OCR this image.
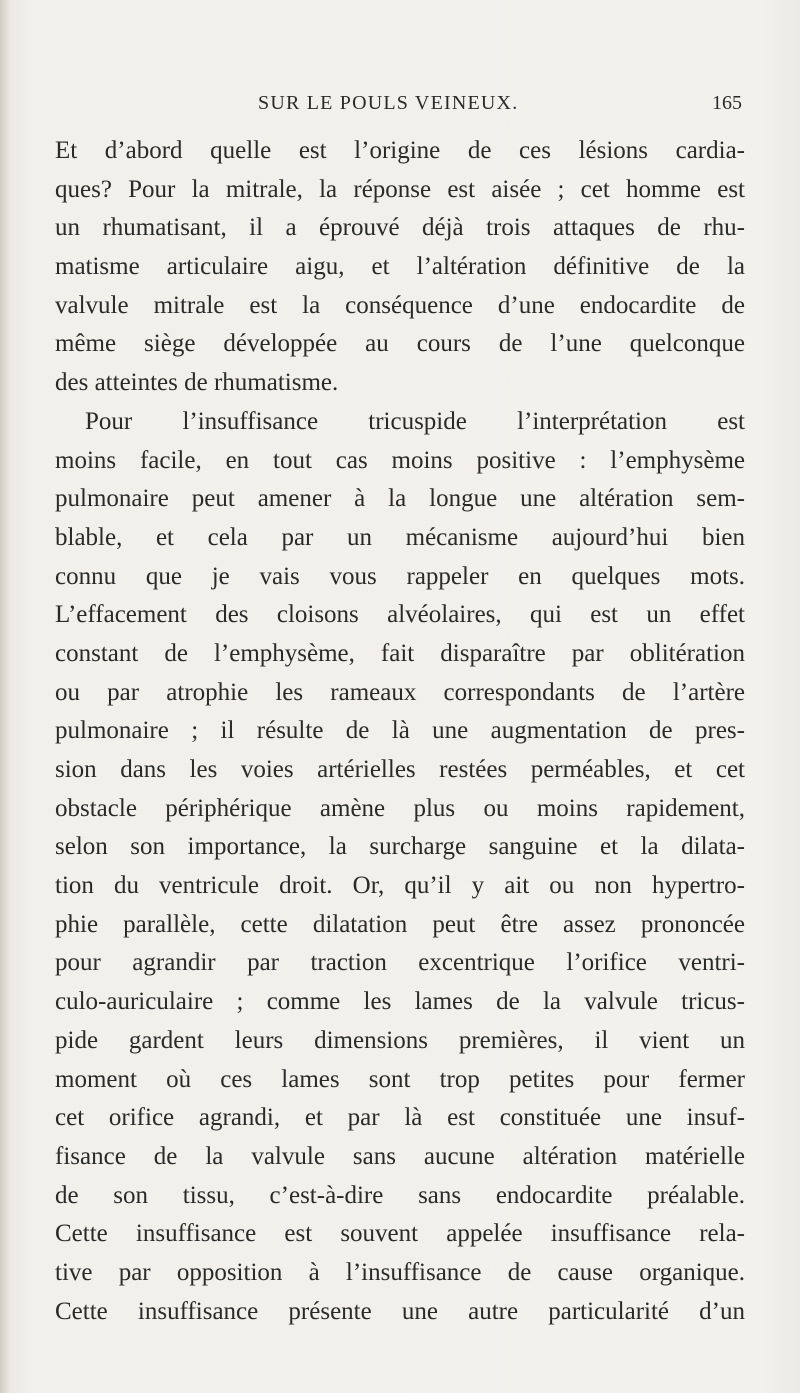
SUR LE POULS VEINEUX.	165
Et d’abord quelle est l’origine de ces lésions cardia-
ques? Pour la mitrale, la réponse est aisée ; cet homme est
un rhumatisant, il a éprouvé déjà trois attaques de rhu-
matisme articulaire aigu, et l’altération définitive de la
valvule mitrale est la conséquence d’une endocardite de
même siège développée au cours de l’une quelconque
des atteintes de rhumatisme.
Pour l’insuffisance tricuspide l’interprétation est
moins facile, en tout cas moins positive : l’emphysème
pulmonaire peut amener à la longue une altération sem-
blable, et cela par un mécanisme aujourd’hui bien
connu que je vais vous rappeler en quelques mots.
L’effacement des cloisons alvéolaires, qui est un effet
constant de l’emphysème, fait disparaître par oblitération
ou par atrophie les rameaux correspondants de l’artère
pulmonaire ; il résulte de là une augmentation de pres-
sion dans les voies artérielles restées perméables, et cet
obstacle périphérique amène plus ou moins rapidement,
selon son importance, la surcharge sanguine et la dilata-
tion du ventricule droit. Or, qu’il y ait ou non hypertro-
phie parallèle, cette dilatation peut être assez prononcée
pour agrandir par traction excentrique l’orifice ventri-
culo-auriculaire ; comme les lames de la valvule tricus-
pide gardent leurs dimensions premières, il vient un
moment où ces lames sont trop petites pour fermer
cet orifice agrandi, et par là est constituée une insuf-
fisance de la valvule sans aucune altération matérielle
de son tissu, c’est-à-dire sans endocardite préalable.
Cette insuffisance est souvent appelée insuffisance rela-
tive par opposition à l’insuffisance de cause organique.
Cette insuffisance présente une autre particularité d’un
